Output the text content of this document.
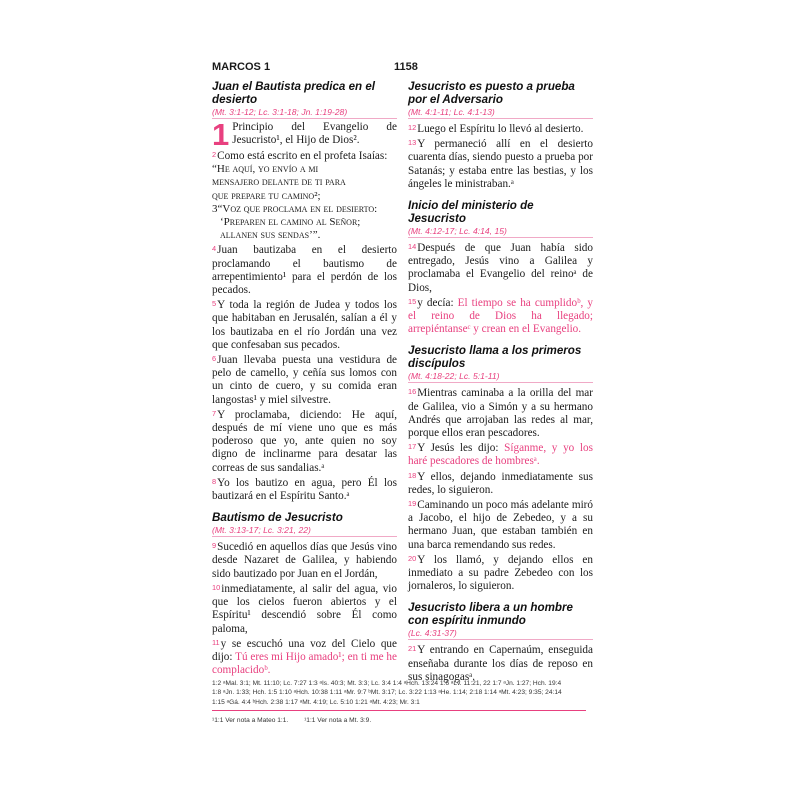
MARCOS 1	1158

Juan el Bautista predica en el desierto

(Mt. 3:1-12; Lc. 3:1-18; Jn. 1:19-28)

1 Principio del Evangelio de Jesucristo¹, el Hijo de Dios².

2Como está escrito en el profeta Isaías:

“He aquí, yo envío a mi

mensajero delante de ti para

que prepare tu camino²;

3“Voz que proclama en el desierto:

‘Preparen el camino al Señor;

allanen sus sendas’”.

4Juan bautizaba en el desierto proclamando el bautismo de arrepentimiento¹ para el perdón de los pecados.

5Y toda la región de Judea y todos los que habitaban en Jerusalén, salían a él y los bautizaba en el río Jordán una vez que confesaban sus pecados.

6Juan llevaba puesta una vestidura de pelo de camello, y ceñía sus lomos con un cinto de cuero, y su comida eran langostas¹ y miel silvestre.

7Y proclamaba, diciendo: He aquí, después de mí viene uno que es más poderoso que yo, ante quien no soy digno de inclinarme para desatar las correas de sus sandalias.ᵃ

8Yo los bautizo en agua, pero Él los bautizará en el Espíritu Santo.ᵃ

Bautismo de Jesucristo

(Mt. 3:13-17; Lc. 3:21, 22)

9Sucedió en aquellos días que Jesús vino desde Nazaret de Galilea, y habiendo sido bautizado por Juan en el Jordán,

10inmediatamente, al salir del agua, vio que los cielos fueron abiertos y el Espíritu¹ descendió sobre Él como paloma,

11y se escuchó una voz del Cielo que dijo: Tú eres mi Hijo amado¹; en ti me he complacidoᵇ.

Jesucristo es puesto a prueba por el Adversario

(Mt. 4:1-11; Lc. 4:1-13)

12Luego el Espíritu lo llevó al desierto.

13Y permaneció allí en el desierto cuarenta días, siendo puesto a prueba por Satanás; y estaba entre las bestias, y los ángeles le ministraban.ᵃ

Inicio del ministerio de Jesucristo

(Mt. 4:12-17; Lc. 4:14, 15)

14Después de que Juan había sido entregado, Jesús vino a Galilea y proclamaba el Evangelio del reinoᵃ de Dios,

15y decía: El tiempo se ha cumplidoᵇ, y el reino de Dios ha llegado; arrepiéntanseᶜ y crean en el Evangelio.

Jesucristo llama a los primeros discípulos

(Mt. 4:18-22; Lc. 5:1-11)

16Mientras caminaba a la orilla del mar de Galilea, vio a Simón y a su hermano Andrés que arrojaban las redes al mar, porque ellos eran pescadores.

17Y Jesús les dijo: Síganme, y yo los haré pescadores de hombresᵃ.

18Y ellos, dejando inmediatamente sus redes, lo siguieron.

19Caminando un poco más adelante miró a Jacobo, el hijo de Zebedeo, y a su hermano Juan, que estaban también en una barca remendando sus redes.

20Y los llamó, y dejando ellos en inmediato a su padre Zebedeo con los jornaleros, lo siguieron.

Jesucristo libera a un hombre con espíritu inmundo

(Lc. 4:31-37)

21Y entrando en Capernaúm, enseguida enseñaba durante los días de reposo en sus sinagogasᵃ.

1:2 ᵃMal. 3:1; Mt. 11:10; Lc. 7:27 1:3 ᵃIs. 40:3; Mt. 3:3; Lc. 3:4 1:4 ᵃHch. 13:24 1:6 ᵃLv. 11:21, 22 1:7 ᵃJn. 1:27; Hch. 19:4
1:8 ᵃJn. 1:33; Hch. 1:5 1:10 ᵃHch. 10:38 1:11 ᵃMr. 9:7 ᵇMt. 3:17; Lc. 3:22 1:13 ᵃHe. 1:14; 2:18 1:14 ᵃMt. 4:23; 9:35; 24:14
1:15 ᵃGá. 4:4 ᵇHch. 2:38 1:17 ᵃMt. 4:19; Lc. 5:10 1:21 ᵃMt. 4:23; Mr. 3:1
¹1:1 Ver nota a Mateo 1:1. ¹1:1 Ver nota a Mt. 3:9.
